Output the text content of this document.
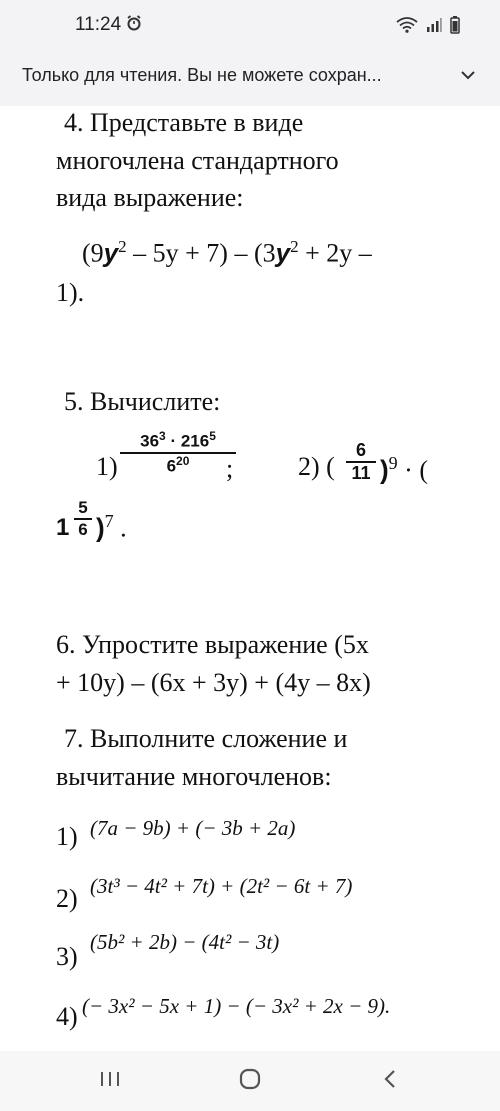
11:24
Только для чтения. Вы не можете сохран...
4. Представьте в виде
многочлена стандартного
вида выражение:
$(9y^2 - 5y + 7) - (3y^2 + 2y$ –
1).
5. Вычислите:
1)
$36^3 \cdot 216^5$
$6^{20}$	; 2) (
6
11 )$^9$ · (
1
5
6 )$^7$ .
6. Упростите выражение (5x
+ 10y) – (6x + 3y) + (4y – 8x)
7. Выполните сложение и
вычитание многочленов:
1) (7a − 9b) + (− 3b + 2a)
2) (3t³ − 4t² + 7t) + (2t² − 6t + 7)
3) (5b² + 2b) − (4t² − 3t)
4) (− 3x² − 5x + 1) − (− 3x² + 2x − 9).
